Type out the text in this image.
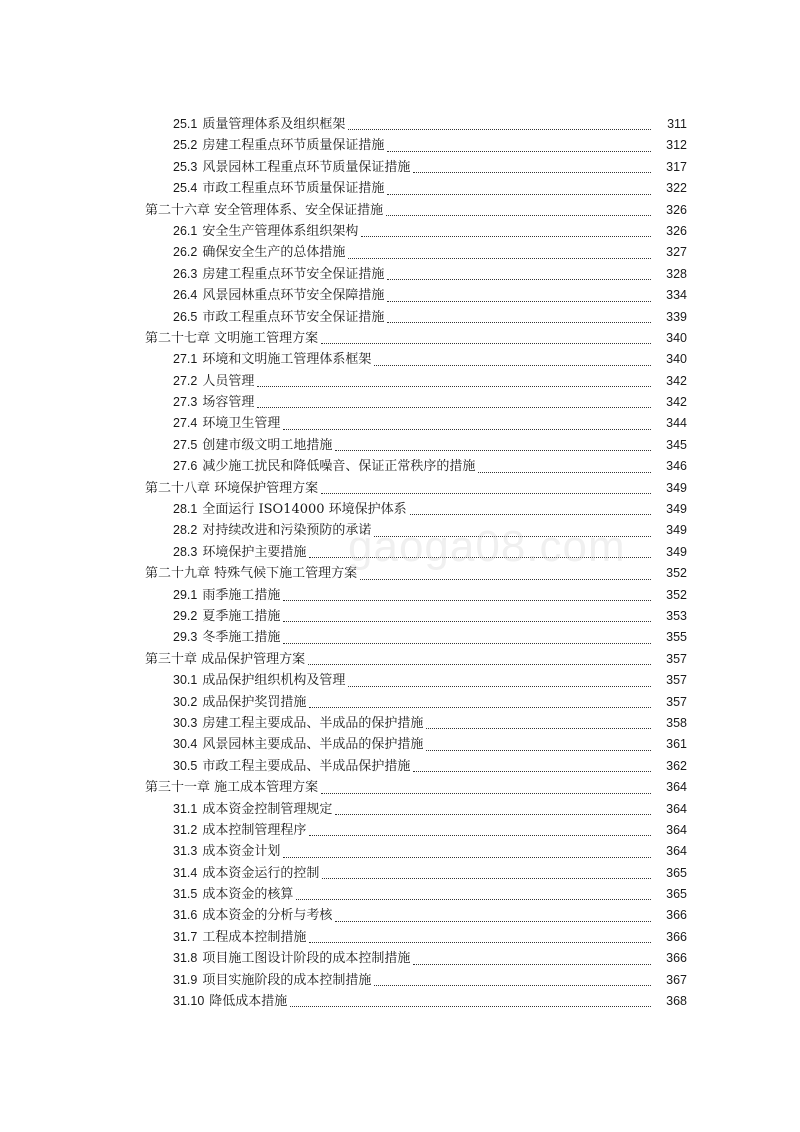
25.1 质量管理体系及组织框架	311
25.2 房建工程重点环节质量保证措施	312
25.3 风景园林工程重点环节质量保证措施	317
25.4 市政工程重点环节质量保证措施	322
第二十六章 安全管理体系、安全保证措施	326
26.1 安全生产管理体系组织架构	326
26.2 确保安全生产的总体措施	327
26.3 房建工程重点环节安全保证措施	328
26.4 风景园林重点环节安全保障措施	334
26.5 市政工程重点环节安全保证措施	339
第二十七章 文明施工管理方案	340
27.1 环境和文明施工管理体系框架	340
27.2 人员管理	342
27.3 场容管理	342
27.4 环境卫生管理	344
27.5 创建市级文明工地措施	345
27.6 减少施工扰民和降低噪音、保证正常秩序的措施	346
第二十八章 环境保护管理方案	349
28.1 全面运行 ISO14000 环境保护体系	349
28.2 对持续改进和污染预防的承诺	349
28.3 环境保护主要措施	349
第二十九章 特殊气候下施工管理方案	352
29.1 雨季施工措施	352
29.2 夏季施工措施	353
29.3 冬季施工措施	355
第三十章 成品保护管理方案	357
30.1 成品保护组织机构及管理	357
30.2 成品保护奖罚措施	357
30.3 房建工程主要成品、半成品的保护措施	358
30.4 风景园林主要成品、半成品的保护措施	361
30.5 市政工程主要成品、半成品保护措施	362
第三十一章 施工成本管理方案	364
31.1 成本资金控制管理规定	364
31.2 成本控制管理程序	364
31.3 成本资金计划	364
31.4 成本资金运行的控制	365
31.5 成本资金的核算	365
31.6 成本资金的分析与考核	366
31.7 工程成本控制措施	366
31.8 项目施工图设计阶段的成本控制措施	366
31.9 项目实施阶段的成本控制措施	367
31.10 降低成本措施	368
gaoga08.com
